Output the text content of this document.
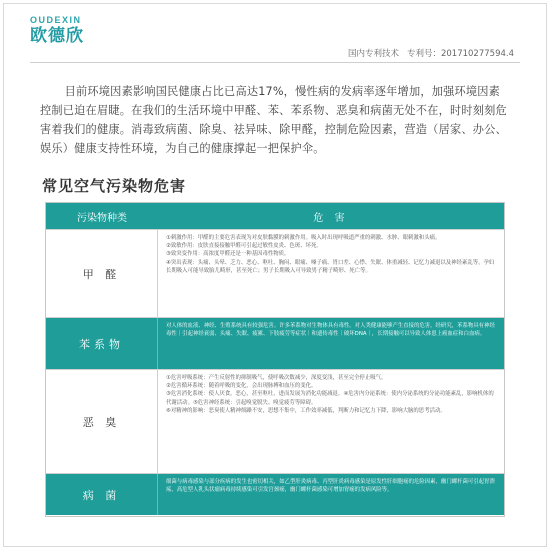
OUDEXIN
欧德欣
国内专利技术 专利号：201710277594.4

目前环境因素影响国民健康占比已高达17%，慢性病的发病率逐年增加，加强环境因素控制已迫在眉睫。在我们的生活环境中甲醛、苯、苯系物、恶臭和病菌无处不在，时时刻刻危害着我们的健康。消毒致病菌、除臭、祛异味、除甲醛，控制危险因素，营造（居家、办公、娱乐）健康支持性环境，为自己的健康撑起一把保护伞。

常见空气污染物危害
污染物种类	危 害
甲 醛

①刺激作用：甲醛的主要危害表现为对皮肤黏膜的刺激作用。吸入时出现呼吸道严重的刺激、水肿、眼刺激和头痛。

②致敏作用：皮肤直接接触甲醛可引起过敏性皮炎、色斑、坏死。

③致突变作用：高浓度甲醛还是一种基因毒性物质。

④突出表现：头痛、头晕、乏力、恶心、呕吐、胸闷、眼痛、嗓子痛、胃口差、心悸、失眠、体重减轻、记忆力减退以及神经紊乱等，孕妇长期吸入可能导致胎儿畸形，甚至死亡；男子长期吸入可导致男子精子畸形、死亡等。

苯系物

对人体的血液、神经、生殖系统具有较强危害。许多苯系物对生物体具有毒性。对人类健康能够产生直接的危害，经研究，苯系物具有神经毒性｜引起神经衰弱、头痛、失眠、疲累、下肢疲劳等症状｜和遗传毒性｜破坏DNA｜，长期接触可以导致人体患上癌血症和白血病。

恶 臭

①危害呼吸系统：产生反射性的抑制吸气，使呼吸次数减少，深度变浅，甚至完全停止吸气。

②危害循环系统：随着呼吸的变化，会出现脉搏和血压的变化。

③危害消化系统：使人厌食，恶心，甚至呕吐，进而发展为消化功能减退。④危害内分泌系统：使内分泌系统的分泌功能紊乱，影响机体的代谢活动。⑤危害神经系统：引起嗅觉脱失、嗅觉疲劳等障碍。

⑥对精神的影响：恶臭使人精神烦躁不安，思想不集中，工作效率减低，判断力和记忆力下降，影响大脑的思考活动。

病 菌

细菌与病毒感染与部分疾病的发生也密切相关，如乙型肝炎病毒、丙型肝炎病毒感染是原发性肝细胞癌的危险因素，幽门螺杆菌可引起胃溃疡，高危型人乳头状瘤病毒持续感染可引发宫颈癌，幽门螺杆菌感染可增加胃癌的发病风险等。
